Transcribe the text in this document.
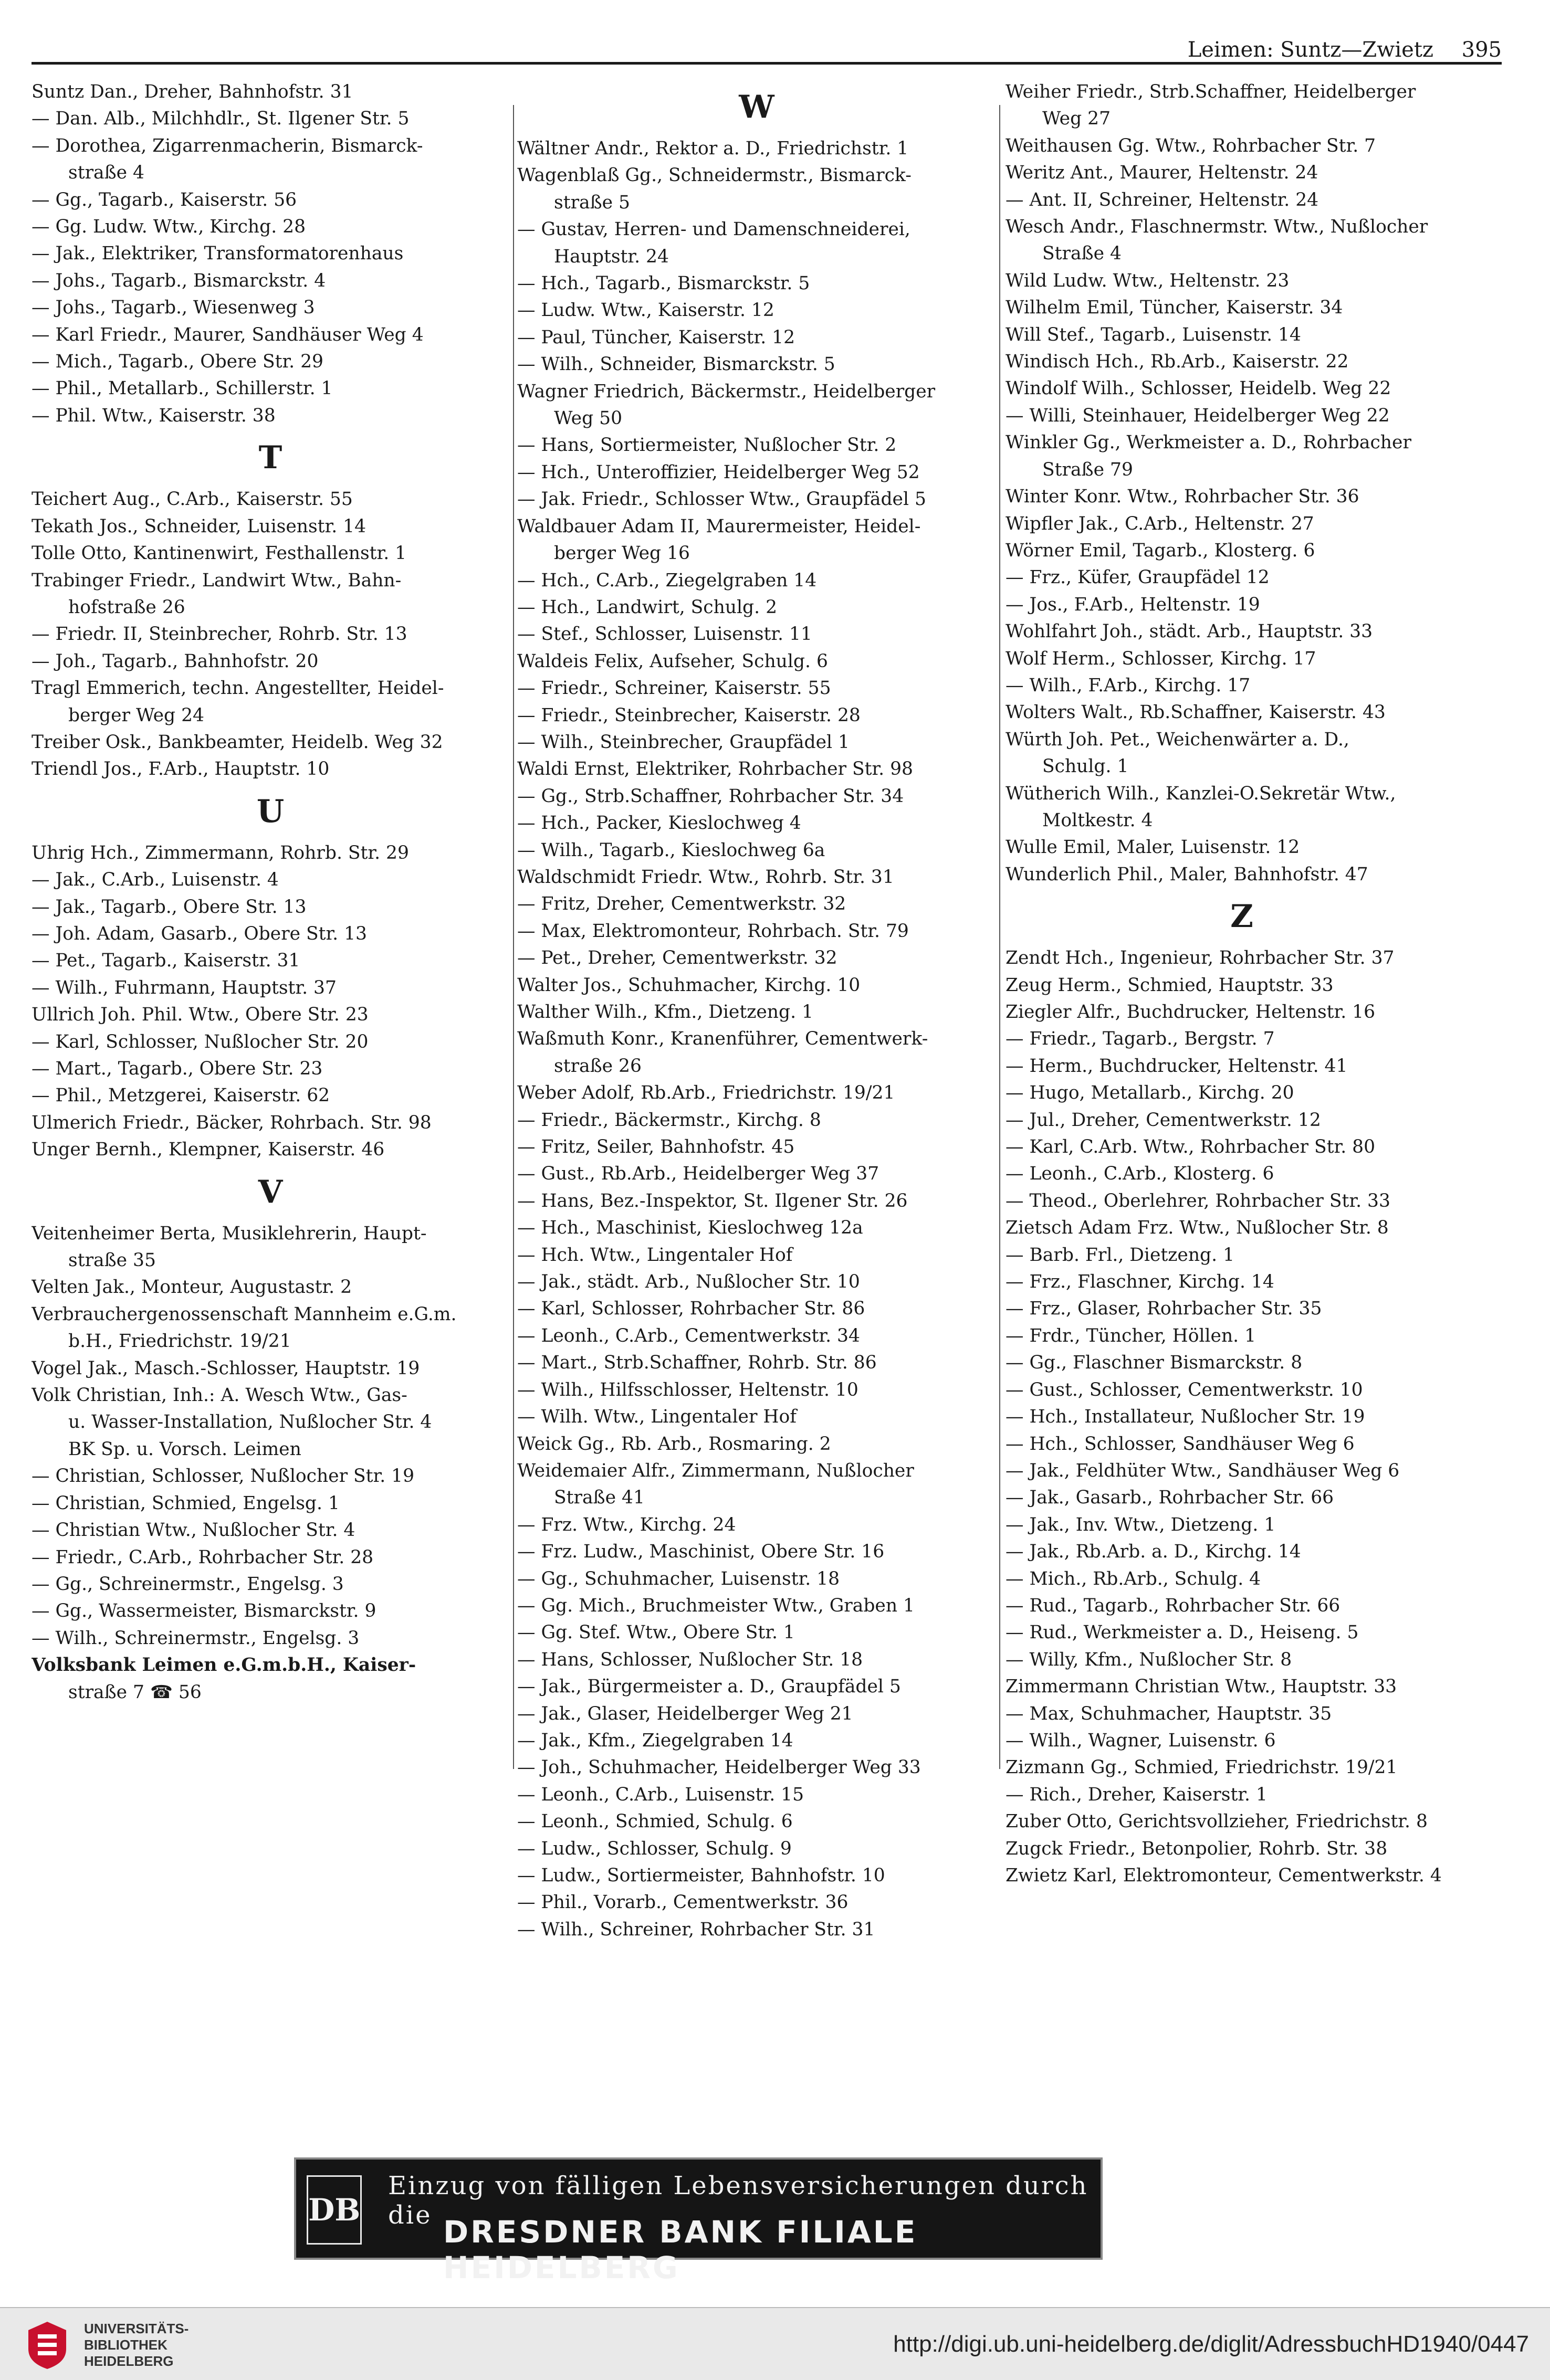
Leimen: Suntz—Zwietz 395
Suntz Dan., Dreher, Bahnhofstr. 31
— Dan. Alb., Milchhdlr., St. Ilgener Str. 5
— Dorothea, Zigarrenmacherin, Bismarck-
straße 4
— Gg., Tagarb., Kaiserstr. 56
— Gg. Ludw. Wtw., Kirchg. 28
— Jak., Elektriker, Transformatorenhaus
— Johs., Tagarb., Bismarckstr. 4
— Johs., Tagarb., Wiesenweg 3
— Karl Friedr., Maurer, Sandhäuser Weg 4
— Mich., Tagarb., Obere Str. 29
— Phil., Metallarb., Schillerstr. 1
— Phil. Wtw., Kaiserstr. 38
T
Teichert Aug., C.Arb., Kaiserstr. 55
Tekath Jos., Schneider, Luisenstr. 14
Tolle Otto, Kantinenwirt, Festhallenstr. 1
Trabinger Friedr., Landwirt Wtw., Bahn-
hofstraße 26
— Friedr. II, Steinbrecher, Rohrb. Str. 13
— Joh., Tagarb., Bahnhofstr. 20
Tragl Emmerich, techn. Angestellter, Heidel-
berger Weg 24
Treiber Osk., Bankbeamter, Heidelb. Weg 32
Triendl Jos., F.Arb., Hauptstr. 10
U
Uhrig Hch., Zimmermann, Rohrb. Str. 29
— Jak., C.Arb., Luisenstr. 4
— Jak., Tagarb., Obere Str. 13
— Joh. Adam, Gasarb., Obere Str. 13
— Pet., Tagarb., Kaiserstr. 31
— Wilh., Fuhrmann, Hauptstr. 37
Ullrich Joh. Phil. Wtw., Obere Str. 23
— Karl, Schlosser, Nußlocher Str. 20
— Mart., Tagarb., Obere Str. 23
— Phil., Metzgerei, Kaiserstr. 62
Ulmerich Friedr., Bäcker, Rohrbach. Str. 98
Unger Bernh., Klempner, Kaiserstr. 46
V
Veitenheimer Berta, Musiklehrerin, Haupt-
straße 35
Velten Jak., Monteur, Augustastr. 2
Verbrauchergenossenschaft Mannheim e.G.m.
b.H., Friedrichstr. 19/21
Vogel Jak., Masch.-Schlosser, Hauptstr. 19
Volk Christian, Inh.: A. Wesch Wtw., Gas-
u. Wasser-Installation, Nußlocher Str. 4
BK Sp. u. Vorsch. Leimen
— Christian, Schlosser, Nußlocher Str. 19
— Christian, Schmied, Engelsg. 1
— Christian Wtw., Nußlocher Str. 4
— Friedr., C.Arb., Rohrbacher Str. 28
— Gg., Schreinermstr., Engelsg. 3
— Gg., Wassermeister, Bismarckstr. 9
— Wilh., Schreinermstr., Engelsg. 3
Volksbank Leimen e.G.m.b.H., Kaiser-
straße 7 ☎ 56
W
Wältner Andr., Rektor a. D., Friedrichstr. 1
Wagenblaß Gg., Schneidermstr., Bismarck-
straße 5
— Gustav, Herren- und Damenschneiderei,
Hauptstr. 24
— Hch., Tagarb., Bismarckstr. 5
— Ludw. Wtw., Kaiserstr. 12
— Paul, Tüncher, Kaiserstr. 12
— Wilh., Schneider, Bismarckstr. 5
Wagner Friedrich, Bäckermstr., Heidelberger
Weg 50
— Hans, Sortiermeister, Nußlocher Str. 2
— Hch., Unteroffizier, Heidelberger Weg 52
— Jak. Friedr., Schlosser Wtw., Graupfädel 5
Waldbauer Adam II, Maurermeister, Heidel-
berger Weg 16
— Hch., C.Arb., Ziegelgraben 14
— Hch., Landwirt, Schulg. 2
— Stef., Schlosser, Luisenstr. 11
Waldeis Felix, Aufseher, Schulg. 6
— Friedr., Schreiner, Kaiserstr. 55
— Friedr., Steinbrecher, Kaiserstr. 28
— Wilh., Steinbrecher, Graupfädel 1
Waldi Ernst, Elektriker, Rohrbacher Str. 98
— Gg., Strb.Schaffner, Rohrbacher Str. 34
— Hch., Packer, Kieslochweg 4
— Wilh., Tagarb., Kieslochweg 6a
Waldschmidt Friedr. Wtw., Rohrb. Str. 31
— Fritz, Dreher, Cementwerkstr. 32
— Max, Elektromonteur, Rohrbach. Str. 79
— Pet., Dreher, Cementwerkstr. 32
Walter Jos., Schuhmacher, Kirchg. 10
Walther Wilh., Kfm., Dietzeng. 1
Waßmuth Konr., Kranenführer, Cementwerk-
straße 26
Weber Adolf, Rb.Arb., Friedrichstr. 19/21
— Friedr., Bäckermstr., Kirchg. 8
— Fritz, Seiler, Bahnhofstr. 45
— Gust., Rb.Arb., Heidelberger Weg 37
— Hans, Bez.-Inspektor, St. Ilgener Str. 26
— Hch., Maschinist, Kieslochweg 12a
— Hch. Wtw., Lingentaler Hof
— Jak., städt. Arb., Nußlocher Str. 10
— Karl, Schlosser, Rohrbacher Str. 86
— Leonh., C.Arb., Cementwerkstr. 34
— Mart., Strb.Schaffner, Rohrb. Str. 86
— Wilh., Hilfsschlosser, Heltenstr. 10
— Wilh. Wtw., Lingentaler Hof
Weick Gg., Rb. Arb., Rosmaring. 2
Weidemaier Alfr., Zimmermann, Nußlocher
Straße 41
— Frz. Wtw., Kirchg. 24
— Frz. Ludw., Maschinist, Obere Str. 16
— Gg., Schuhmacher, Luisenstr. 18
— Gg. Mich., Bruchmeister Wtw., Graben 1
— Gg. Stef. Wtw., Obere Str. 1
— Hans, Schlosser, Nußlocher Str. 18
— Jak., Bürgermeister a. D., Graupfädel 5
— Jak., Glaser, Heidelberger Weg 21
— Jak., Kfm., Ziegelgraben 14
— Joh., Schuhmacher, Heidelberger Weg 33
— Leonh., C.Arb., Luisenstr. 15
— Leonh., Schmied, Schulg. 6
— Ludw., Schlosser, Schulg. 9
— Ludw., Sortiermeister, Bahnhofstr. 10
— Phil., Vorarb., Cementwerkstr. 36
— Wilh., Schreiner, Rohrbacher Str. 31
Weiher Friedr., Strb.Schaffner, Heidelberger
Weg 27
Weithausen Gg. Wtw., Rohrbacher Str. 7
Weritz Ant., Maurer, Heltenstr. 24
— Ant. II, Schreiner, Heltenstr. 24
Wesch Andr., Flaschnermstr. Wtw., Nußlocher
Straße 4
Wild Ludw. Wtw., Heltenstr. 23
Wilhelm Emil, Tüncher, Kaiserstr. 34
Will Stef., Tagarb., Luisenstr. 14
Windisch Hch., Rb.Arb., Kaiserstr. 22
Windolf Wilh., Schlosser, Heidelb. Weg 22
— Willi, Steinhauer, Heidelberger Weg 22
Winkler Gg., Werkmeister a. D., Rohrbacher
Straße 79
Winter Konr. Wtw., Rohrbacher Str. 36
Wipfler Jak., C.Arb., Heltenstr. 27
Wörner Emil, Tagarb., Klosterg. 6
— Frz., Küfer, Graupfädel 12
— Jos., F.Arb., Heltenstr. 19
Wohlfahrt Joh., städt. Arb., Hauptstr. 33
Wolf Herm., Schlosser, Kirchg. 17
— Wilh., F.Arb., Kirchg. 17
Wolters Walt., Rb.Schaffner, Kaiserstr. 43
Würth Joh. Pet., Weichenwärter a. D.,
Schulg. 1
Wütherich Wilh., Kanzlei-O.Sekretär Wtw.,
Moltkestr. 4
Wulle Emil, Maler, Luisenstr. 12
Wunderlich Phil., Maler, Bahnhofstr. 47
Z
Zendt Hch., Ingenieur, Rohrbacher Str. 37
Zeug Herm., Schmied, Hauptstr. 33
Ziegler Alfr., Buchdrucker, Heltenstr. 16
— Friedr., Tagarb., Bergstr. 7
— Herm., Buchdrucker, Heltenstr. 41
— Hugo, Metallarb., Kirchg. 20
— Jul., Dreher, Cementwerkstr. 12
— Karl, C.Arb. Wtw., Rohrbacher Str. 80
— Leonh., C.Arb., Klosterg. 6
— Theod., Oberlehrer, Rohrbacher Str. 33
Zietsch Adam Frz. Wtw., Nußlocher Str. 8
— Barb. Frl., Dietzeng. 1
— Frz., Flaschner, Kirchg. 14
— Frz., Glaser, Rohrbacher Str. 35
— Frdr., Tüncher, Höllen. 1
— Gg., Flaschner Bismarckstr. 8
— Gust., Schlosser, Cementwerkstr. 10
— Hch., Installateur, Nußlocher Str. 19
— Hch., Schlosser, Sandhäuser Weg 6
— Jak., Feldhüter Wtw., Sandhäuser Weg 6
— Jak., Gasarb., Rohrbacher Str. 66
— Jak., Inv. Wtw., Dietzeng. 1
— Jak., Rb.Arb. a. D., Kirchg. 14
— Mich., Rb.Arb., Schulg. 4
— Rud., Tagarb., Rohrbacher Str. 66
— Rud., Werkmeister a. D., Heiseng. 5
— Willy, Kfm., Nußlocher Str. 8
Zimmermann Christian Wtw., Hauptstr. 33
— Max, Schuhmacher, Hauptstr. 35
— Wilh., Wagner, Luisenstr. 6
Zizmann Gg., Schmied, Friedrichstr. 19/21
— Rich., Dreher, Kaiserstr. 1
Zuber Otto, Gerichtsvollzieher, Friedrichstr. 8
Zugck Friedr., Betonpolier, Rohrb. Str. 38
Zwietz Karl, Elektromonteur, Cementwerkstr. 4
DB
Einzug von fälligen Lebensversicherungen durch die DRESDNER BANK FILIALE HEIDELBERG
UNIVERSITÄTS-
BIBLIOTHEK
HEIDELBERG
http://digi.ub.uni-heidelberg.de/diglit/AdressbuchHD1940/0447
